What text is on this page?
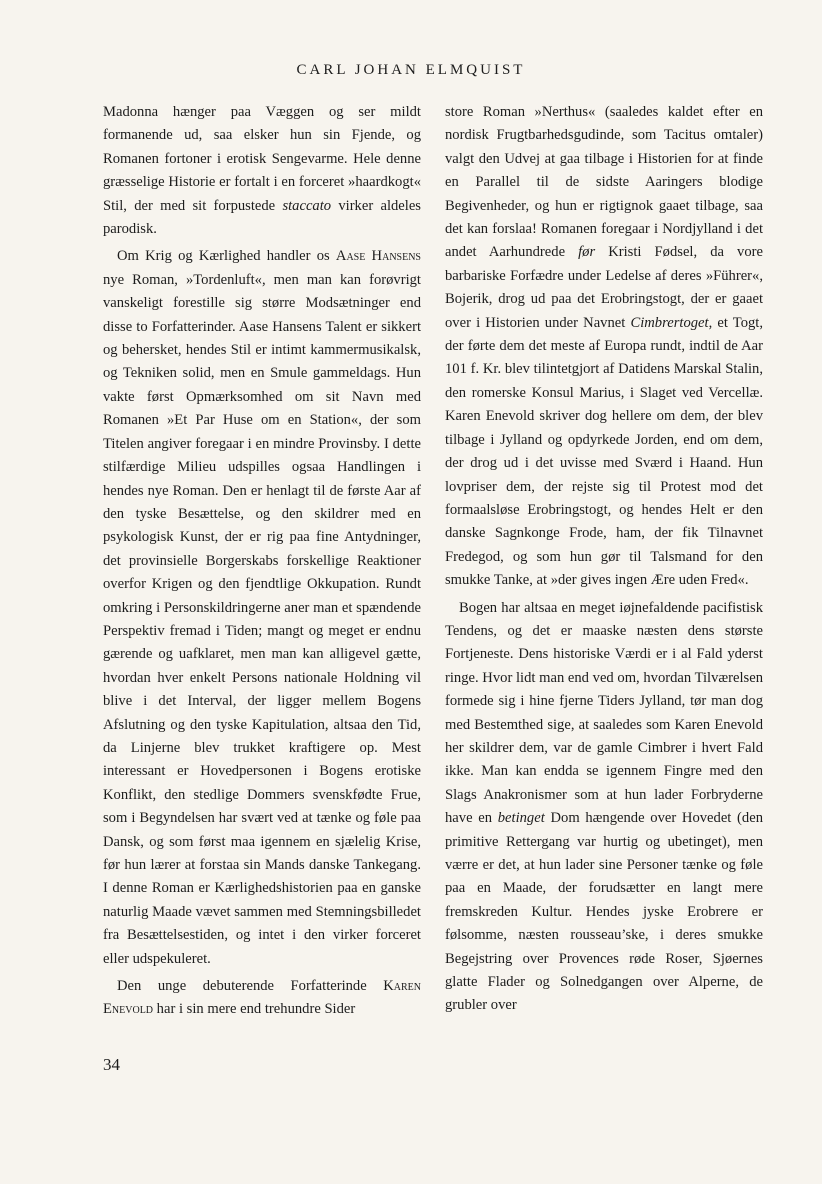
CARL JOHAN ELMQUIST

Madonna hænger paa Væggen og ser mildt formanende ud, saa elsker hun sin Fjende, og Romanen fortoner i erotisk Sengevarme. Hele denne græsselige Historie er fortalt i en forceret »haardkogt« Stil, der med sit forpustede staccato virker aldeles parodisk.

Om Krig og Kærlighed handler os Aase Hansens nye Roman, »Tordenluft«, men man kan forøvrigt vanskeligt forestille sig større Modsætninger end disse to Forfatterinder. Aase Hansens Talent er sikkert og behersket, hendes Stil er intimt kammermusikalsk, og Tekniken solid, men en Smule gammeldags. Hun vakte først Opmærksomhed om sit Navn med Romanen »Et Par Huse om en Station«, der som Titelen angiver foregaar i en mindre Provinsby. I dette stilfærdige Milieu udspilles ogsaa Handlingen i hendes nye Roman. Den er henlagt til de første Aar af den tyske Besættelse, og den skildrer med en psykologisk Kunst, der er rig paa fine Antydninger, det provinsielle Borgerskabs forskellige Reaktioner overfor Krigen og den fjendtlige Okkupation. Rundt omkring i Personskildringerne aner man et spændende Perspektiv fremad i Tiden; mangt og meget er endnu gærende og uafklaret, men man kan alligevel gætte, hvordan hver enkelt Persons nationale Holdning vil blive i det Interval, der ligger mellem Bogens Afslutning og den tyske Kapitulation, altsaa den Tid, da Linjerne blev trukket kraftigere op. Mest interessant er Hovedpersonen i Bogens erotiske Konflikt, den stedlige Dommers svenskfødte Frue, som i Begyndelsen har svært ved at tænke og føle paa Dansk, og som først maa igennem en sjælelig Krise, før hun lærer at forstaa sin Mands danske Tankegang. I denne Roman er Kærlighedshistorien paa en ganske naturlig Maade vævet sammen med Stemningsbilledet fra Besættelsestiden, og intet i den virker forceret eller udspekuleret.

Den unge debuterende Forfatterinde Karen Enevold har i sin mere end trehundre Sider

store Roman »Nerthus« (saaledes kaldet efter en nordisk Frugtbarhedsgudinde, som Tacitus omtaler) valgt den Udvej at gaa tilbage i Historien for at finde en Parallel til de sidste Aaringers blodige Begivenheder, og hun er rigtignok gaaet tilbage, saa det kan forslaa! Romanen foregaar i Nordjylland i det andet Aarhundrede før Kristi Fødsel, da vore barbariske Forfædre under Ledelse af deres »Führer«, Bojerik, drog ud paa det Erobringstogt, der er gaaet over i Historien under Navnet Cimbrertoget, et Togt, der førte dem det meste af Europa rundt, indtil de Aar 101 f. Kr. blev tilintetgjort af Datidens Marskal Stalin, den romerske Konsul Marius, i Slaget ved Vercellæ. Karen Enevold skriver dog hellere om dem, der blev tilbage i Jylland og opdyrkede Jorden, end om dem, der drog ud i det uvisse med Sværd i Haand. Hun lovpriser dem, der rejste sig til Protest mod det formaalsløse Erobringstogt, og hendes Helt er den danske Sagnkonge Frode, ham, der fik Tilnavnet Fredegod, og som hun gør til Talsmand for den smukke Tanke, at »der gives ingen Ære uden Fred«.

Bogen har altsaa en meget iøjnefaldende pacifistisk Tendens, og det er maaske næsten dens største Fortjeneste. Dens historiske Værdi er i al Fald yderst ringe. Hvor lidt man end ved om, hvordan Tilværelsen formede sig i hine fjerne Tiders Jylland, tør man dog med Bestemthed sige, at saaledes som Karen Enevold her skildrer dem, var de gamle Cimbrer i hvert Fald ikke. Man kan endda se igennem Fingre med den Slags Anakronismer som at hun lader Forbryderne have en betinget Dom hængende over Hovedet (den primitive Rettergang var hurtig og ubetinget), men værre er det, at hun lader sine Personer tænke og føle paa en Maade, der forudsætter en langt mere fremskreden Kultur. Hendes jyske Erobrere er følsomme, næsten rousseau’ske, i deres smukke Begejstring over Provences røde Roser, Sjøernes glatte Flader og Solnedgangen over Alperne, de grubler over

34
